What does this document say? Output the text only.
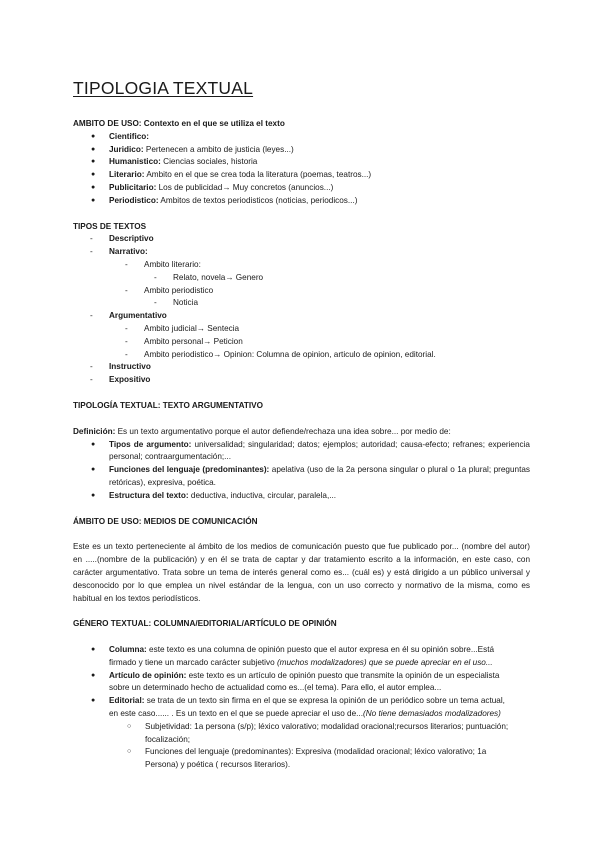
TIPOLOGIA TEXTUAL

AMBITO DE USO: Contexto en el que se utiliza el texto

● Cientifico:
● Juridico: Pertenecen a ambito de justicia (leyes...)
● Humanistico: Ciencias sociales, historia
● Literario: Ambito en el que se crea toda la literatura (poemas, teatros...)
● Publicitario: Los de publicidad→ Muy concretos (anuncios...)
● Periodistico: Ambitos de textos periodisticos (noticias, periodicos...)

TIPOS DE TEXTOS

- Descriptivo
- Narrativo:
- Ambito literario:
- Relato, novela→ Genero
- Ambito periodistico
- Noticia
- Argumentativo
- Ambito judicial→ Sentecia
- Ambito personal→ Peticion
- Ambito periodistico→ Opinion: Columna de opinion, articulo de opinion, editorial.
- Instructivo
- Expositivo

TIPOLOGÍA TEXTUAL: TEXTO ARGUMENTATIVO

Definición: Es un texto argumentativo porque el autor defiende/rechaza una idea sobre... por medio de:

● Tipos de argumento: universalidad; singularidad; datos; ejemplos; autoridad; causa-efecto; refranes; experiencia personal; contraargumentación;...
● Funciones del lenguaje (predominantes): apelativa (uso de la 2a persona singular o plural o 1a plural; preguntas retóricas), expresiva, poética.
● Estructura del texto: deductiva, inductiva, circular, paralela,...

ÁMBITO DE USO: MEDIOS DE COMUNICACIÓN

Este es un texto perteneciente al ámbito de los medios de comunicación puesto que fue publicado por... (nombre del autor) en .....(nombre de la publicación) y en él se trata de captar y dar tratamiento escrito a la información, en este caso, con carácter argumentativo. Trata sobre un tema de interés general como es... (cuál es) y está dirigido a un público universal y desconocido por lo que emplea un nivel estándar de la lengua, con un uso correcto y normativo de la misma, como es habitual en los textos periodísticos.

GÉNERO TEXTUAL: COLUMNA/EDITORIAL/ARTÍCULO DE OPINIÓN

● Columna: este texto es una columna de opinión puesto que el autor expresa en él su opinión sobre...Está firmado y tiene un marcado carácter subjetivo (muchos modalizadores) que se puede apreciar en el uso...
● Artículo de opinión: este texto es un artículo de opinión puesto que transmite la opinión de un especialista sobre un determinado hecho de actualidad como es...(el tema). Para ello, el autor emplea...
● Editorial: se trata de un texto sin firma en el que se expresa la opinión de un periódico sobre un tema actual, en este caso...... . Es un texto en el que se puede apreciar el uso de...(No tiene demasiados modalizadores)
○ Subjetividad: 1a persona (s/p); léxico valorativo; modalidad oracional;recursos literarios; puntuación; focalización;
○ Funciones del lenguaje (predominantes): Expresiva (modalidad oracional; léxico valorativo; 1a Persona) y poética ( recursos literarios).
